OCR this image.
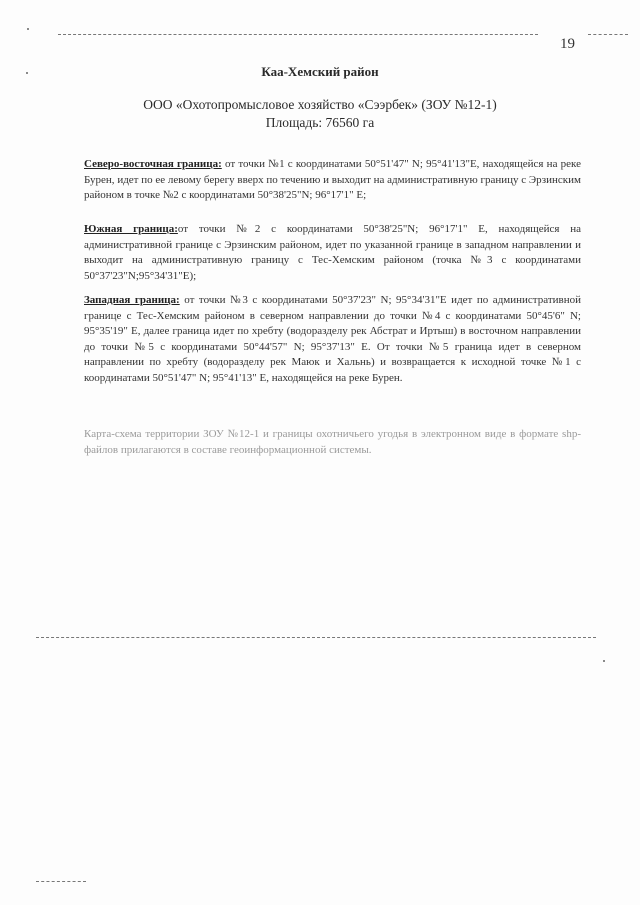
19
Каа-Хемский район
ООО «Охотопромысловое хозяйство «Сээрбек» (ЗОУ №12-1)
Площадь: 76560 га
Северо-восточная граница: от точки №1 с координатами 50°51'47" N; 95°41'13"Е, находящейся на реке Бурен, идет по ее левому берегу вверх по течению и выходит на административную границу с Эрзинским районом в точке №2 с координатами 50°38'25"N; 96°17'1" Е;
Южная граница:от точки №2 с координатами 50°38'25"N; 96°17'1" Е, находящейся на административной границе с Эрзинским районом, идет по указанной границе в западном направлении и выходит на административную границу с Тес-Хемским районом (точка №3 с координатами 50°37'23"N;95°34'31"Е);
Западная граница: от точки №3 с координатами 50°37'23" N; 95°34'31"Е идет по административной границе с Тес-Хемским районом в северном направлении до точки №4 с координатами 50°45'6" N; 95°35'19" Е, далее граница идет по хребту (водоразделу рек Абстрат и Иртыш) в восточном направлении до точки №5 с координатами 50°44'57" N; 95°37'13" Е. От точки №5 граница идет в северном направлении по хребту (водоразделу рек Маюк и Хальнь) и возвращается к исходной точке №1 с координатами 50°51'47" N; 95°41'13" Е, находящейся на реке Бурен.
Карта-схема территории ЗОУ №12-1 и границы охотничьего угодья в электронном виде в формате shp-файлов прилагаются в составе геоинформационной системы.
